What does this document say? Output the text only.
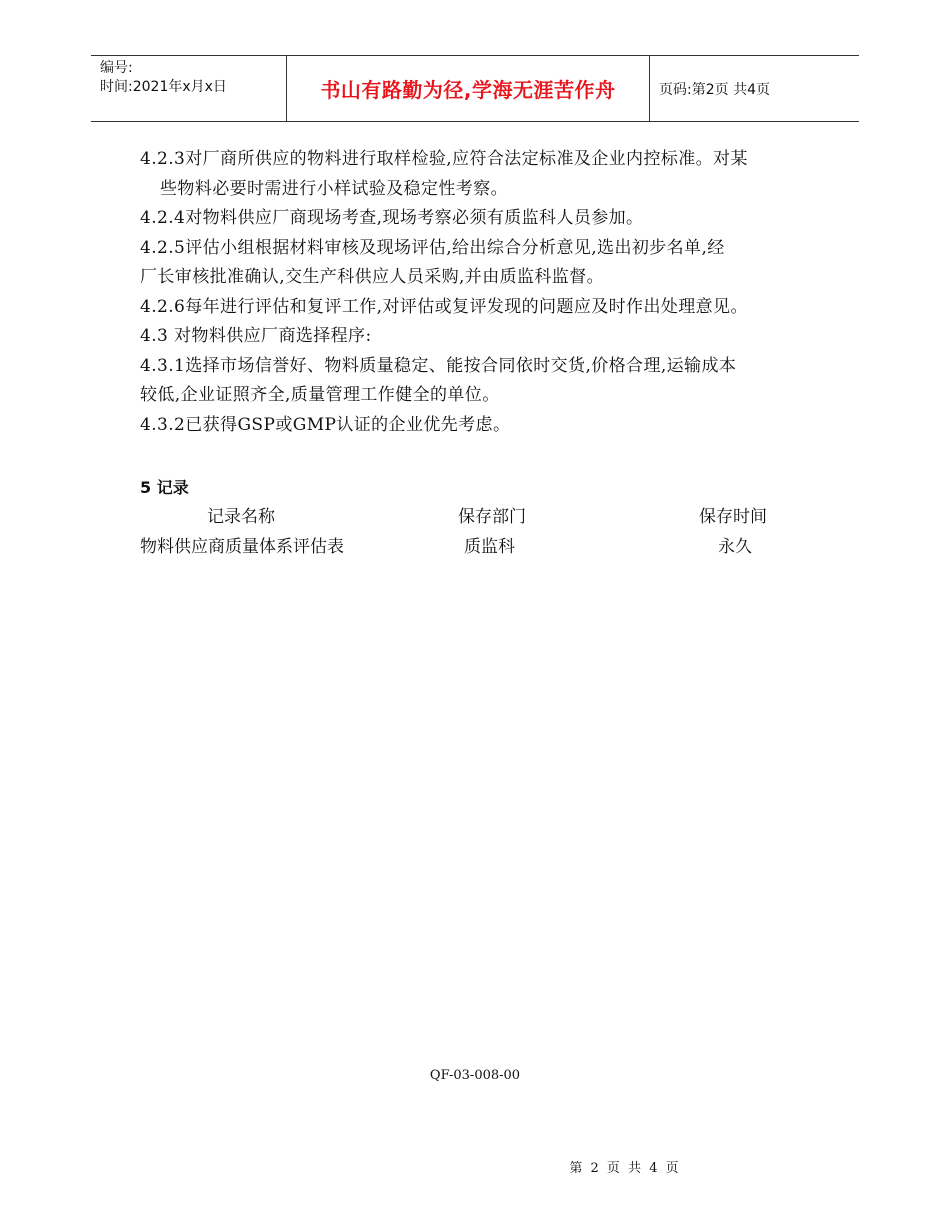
编号:
时间:2021年x月x日	书山有路勤为径,学海无涯苦作舟	页码:第2页 共4页

4.2.3对厂商所供应的物料进行取样检验,应符合法定标准及企业内控标准。对某

些物料必要时需进行小样试验及稳定性考察。

4.2.4对物料供应厂商现场考查,现场考察必须有质监科人员参加。

4.2.5评估小组根据材料审核及现场评估,给出综合分析意见,选出初步名单,经

厂长审核批准确认,交生产科供应人员采购,并由质监科监督。

4.2.6每年进行评估和复评工作,对评估或复评发现的问题应及时作出处理意见。

4.3 对物料供应厂商选择程序:

4.3.1选择市场信誉好、物料质量稳定、能按合同依时交货,价格合理,运输成本

较低,企业证照齐全,质量管理工作健全的单位。

4.3.2已获得GSP或GMP认证的企业优先考虑。

5 记录
记录名称	保存部门	保存时间
物料供应商质量体系评估表	质监科	永久
QF-03-008-00
第 2 页 共 4 页
